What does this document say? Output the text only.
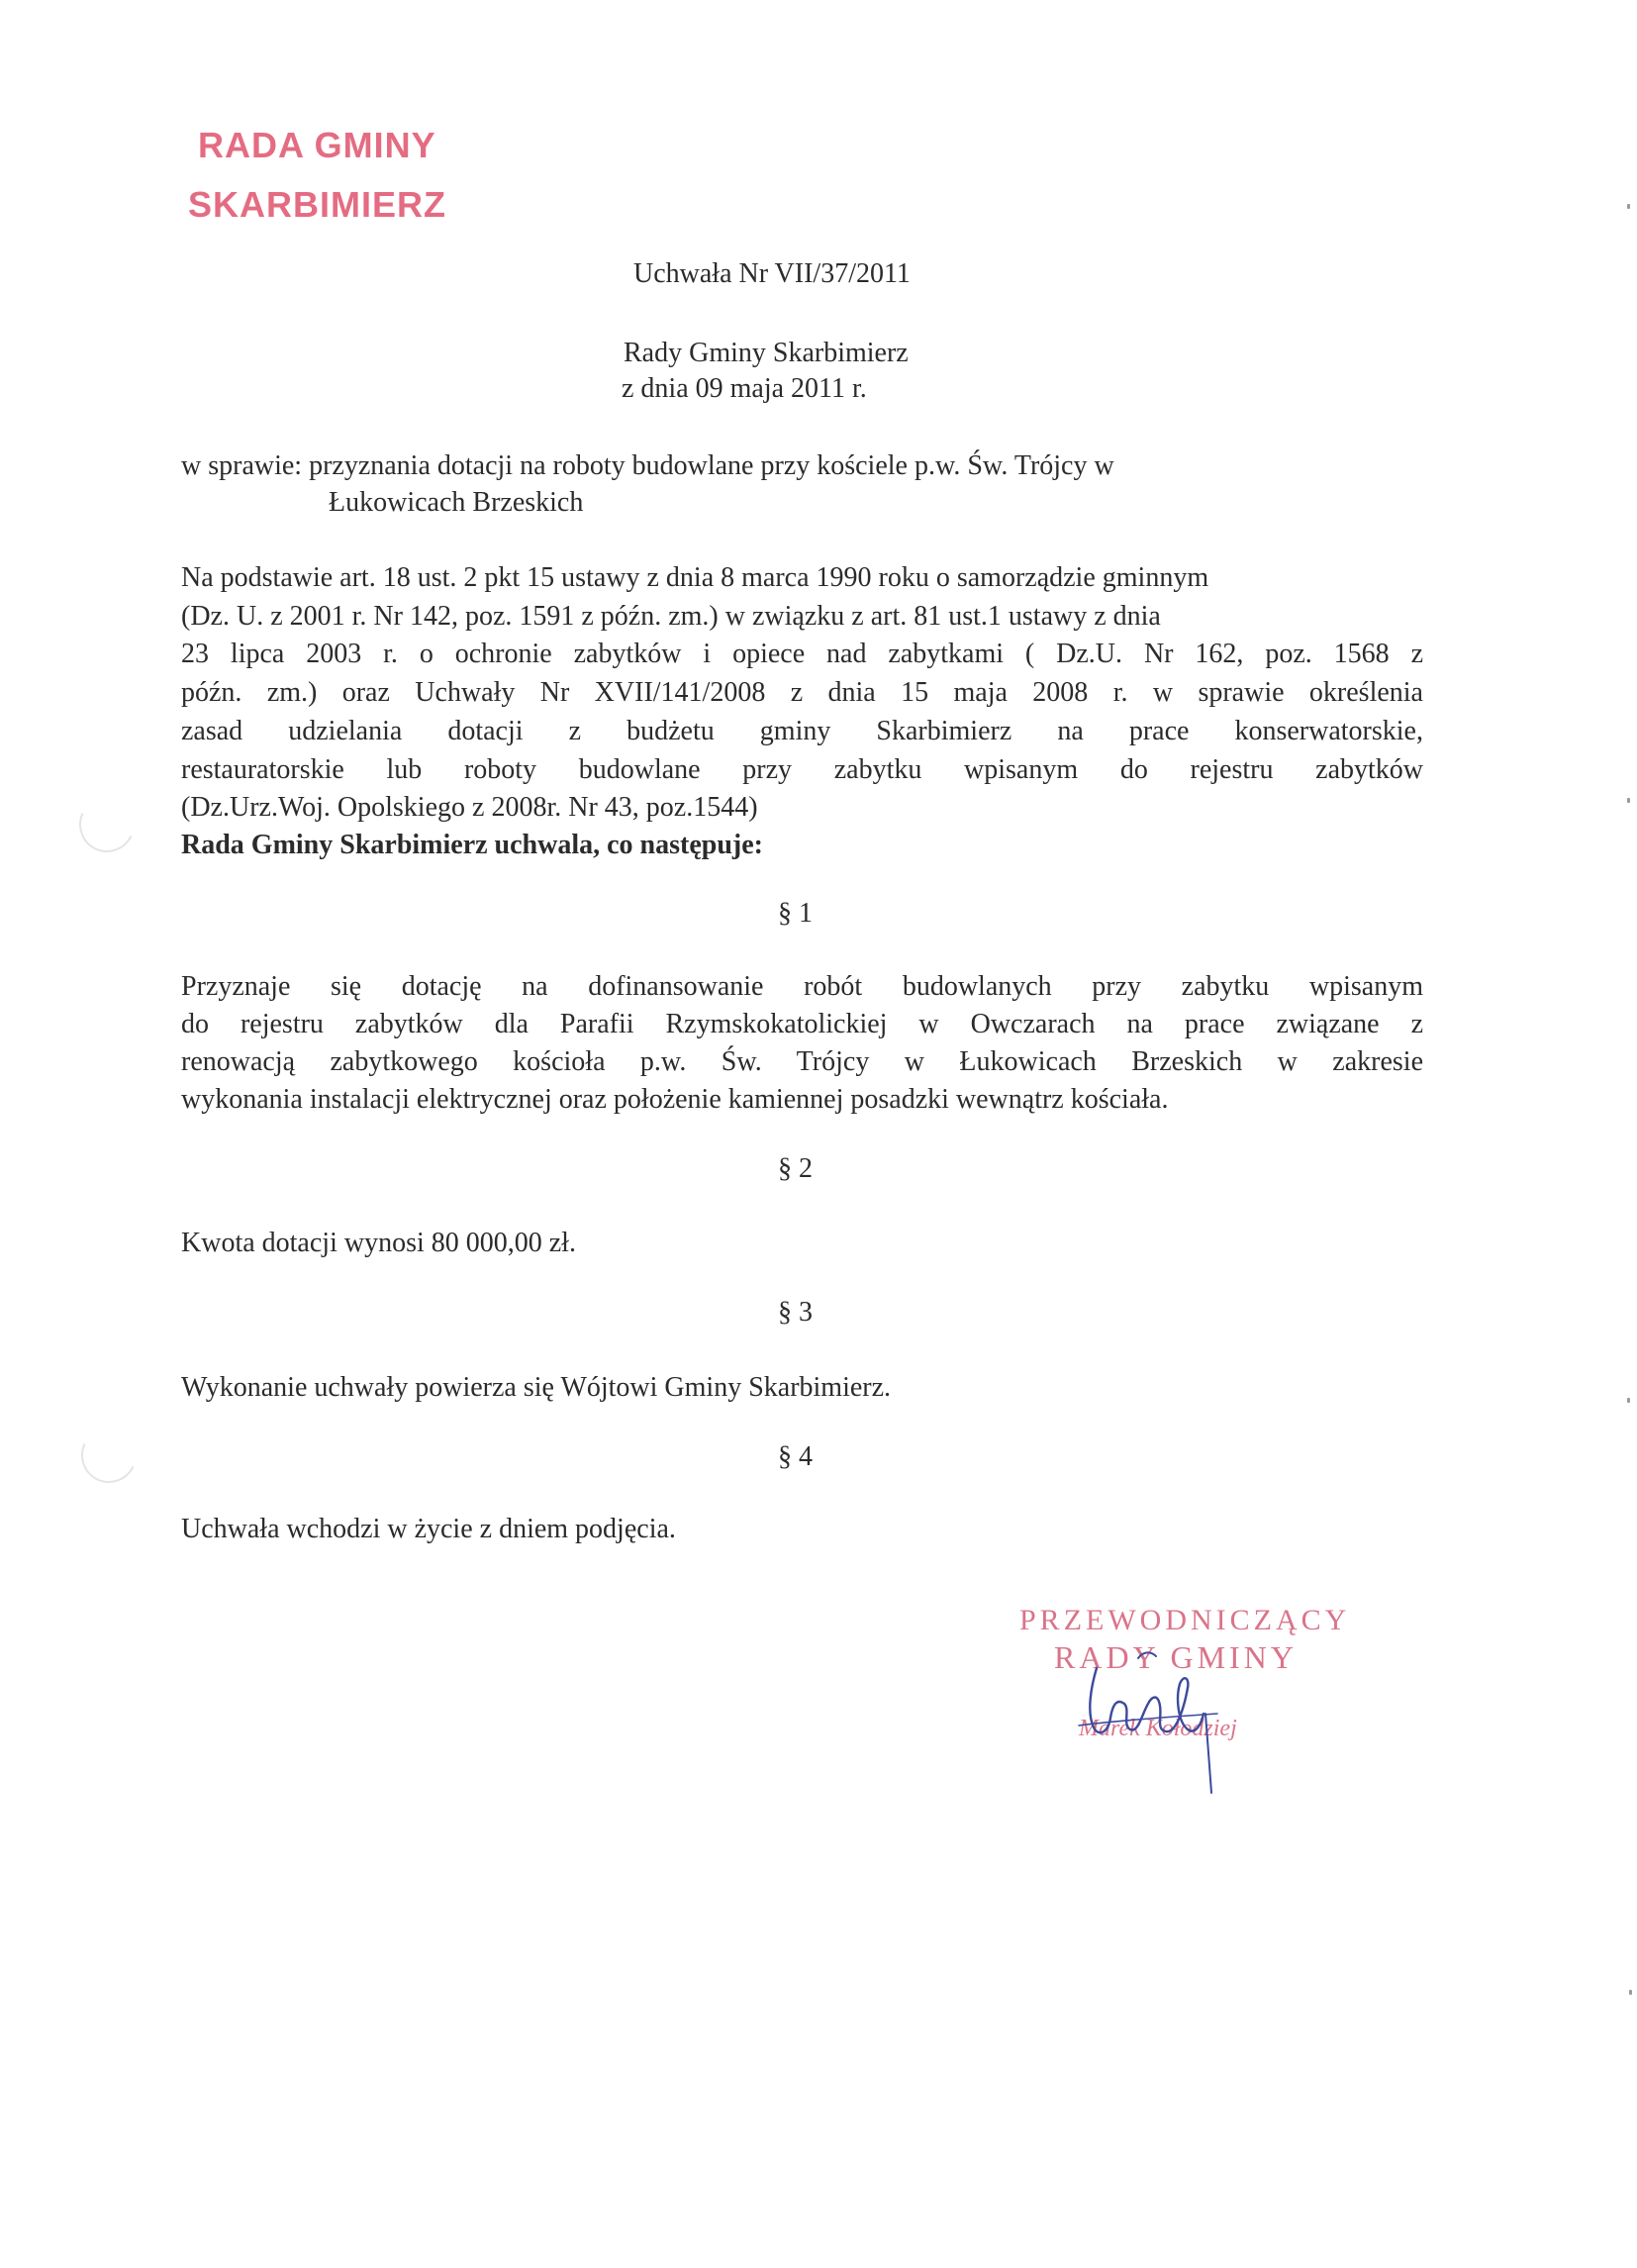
RADA GMINY
SKARBIMIERZ
Uchwała Nr VII/37/2011
Rady Gminy Skarbimierz
z dnia 09 maja 2011 r.
w sprawie: przyznania dotacji na roboty budowlane przy kościele p.w. Św. Trójcy w
Łukowicach Brzeskich
Na podstawie art. 18 ust. 2 pkt 15 ustawy z dnia 8 marca 1990 roku o samorządzie gminnym
(Dz. U. z 2001 r. Nr 142, poz. 1591 z późn. zm.) w związku z art. 81 ust.1 ustawy z dnia
23 lipca 2003 r. o ochronie zabytków i opiece nad zabytkami ( Dz.U. Nr 162, poz. 1568 z
późn. zm.) oraz Uchwały Nr XVII/141/2008 z dnia 15 maja 2008 r. w sprawie określenia
zasad udzielania dotacji z budżetu gminy Skarbimierz na prace konserwatorskie,
restauratorskie lub roboty budowlane przy zabytku wpisanym do rejestru zabytków
(Dz.Urz.Woj. Opolskiego z 2008r. Nr 43, poz.1544)
Rada Gminy Skarbimierz uchwala, co następuje:
§ 1
Przyznaje się dotację na dofinansowanie robót budowlanych przy zabytku wpisanym
do rejestru zabytków dla Parafii Rzymskokatolickiej w Owczarach na prace związane z
renowacją zabytkowego kościoła p.w. Św. Trójcy w Łukowicach Brzeskich w zakresie
wykonania instalacji elektrycznej oraz położenie kamiennej posadzki wewnątrz kościała.
§ 2
Kwota dotacji wynosi 80 000,00 zł.
§ 3
Wykonanie uchwały powierza się Wójtowi Gminy Skarbimierz.
§ 4
Uchwała wchodzi w życie z dniem podjęcia.
PRZEWODNICZĄCY
RADY GMINY
Marek Kołodziej
